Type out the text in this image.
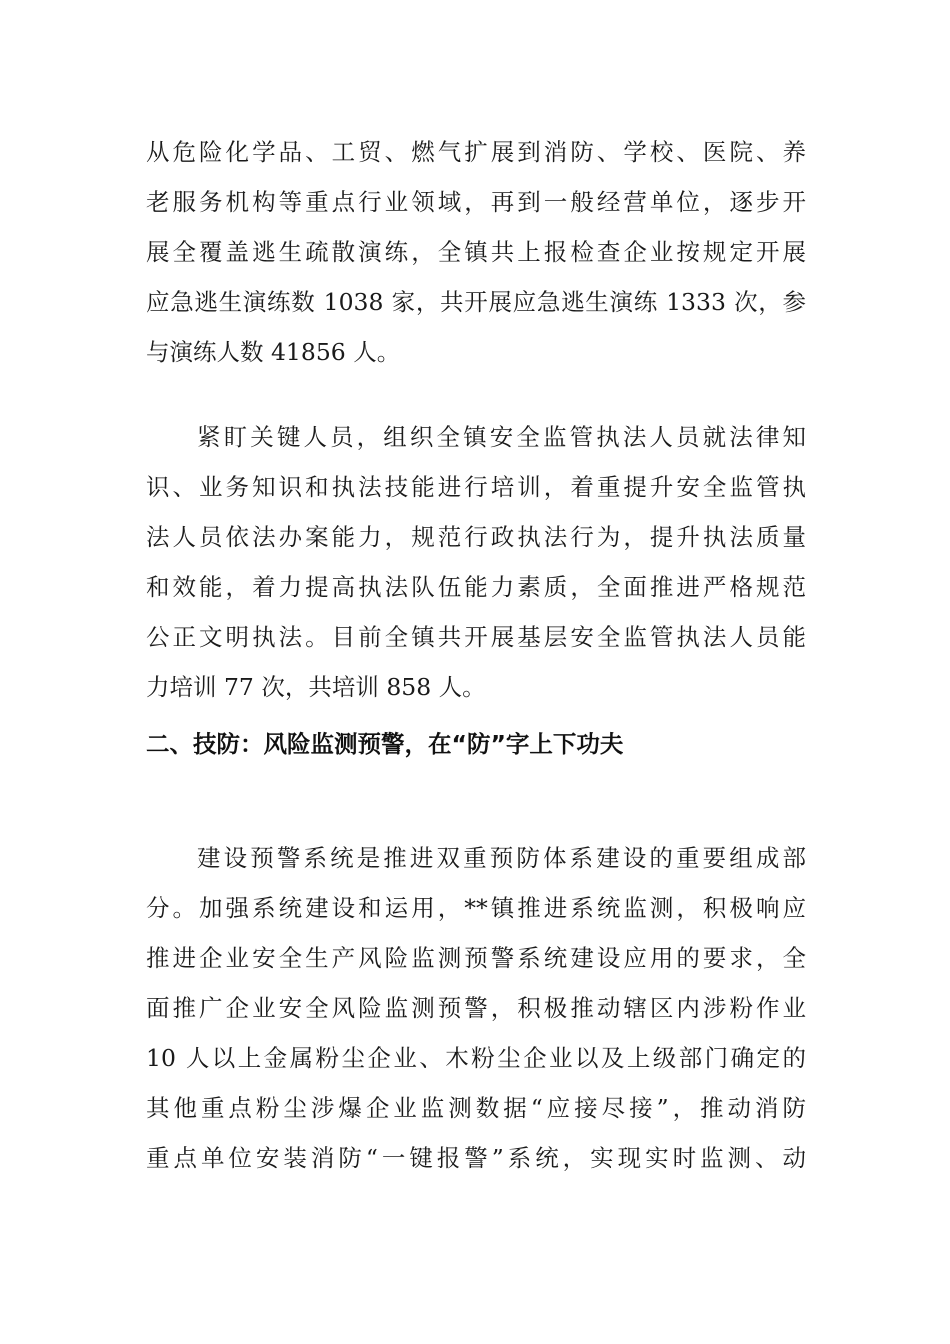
从危险化学品、工贸、燃气扩展到消防、学校、医院、养
老服务机构等重点行业领域，再到一般经营单位，逐步开
展全覆盖逃生疏散演练，全镇共上报检查企业按规定开展
应急逃生演练数 1038 家，共开展应急逃生演练 1333 次，参
与演练人数 41856 人。
紧盯关键人员，组织全镇安全监管执法人员就法律知
识、业务知识和执法技能进行培训，着重提升安全监管执
法人员依法办案能力，规范行政执法行为，提升执法质量
和效能，着力提高执法队伍能力素质，全面推进严格规范
公正文明执法。目前全镇共开展基层安全监管执法人员能
力培训 77 次，共培训 858 人。
二、技防：风险监测预警，在“防”字上下功夫
建设预警系统是推进双重预防体系建设的重要组成部
分。加强系统建设和运用，**镇推进系统监测，积极响应
推进企业安全生产风险监测预警系统建设应用的要求，全
面推广企业安全风险监测预警，积极推动辖区内涉粉作业
10 人以上金属粉尘企业、木粉尘企业以及上级部门确定的
其他重点粉尘涉爆企业监测数据“应接尽接”，推动消防
重点单位安装消防“一键报警”系统，实现实时监测、动
